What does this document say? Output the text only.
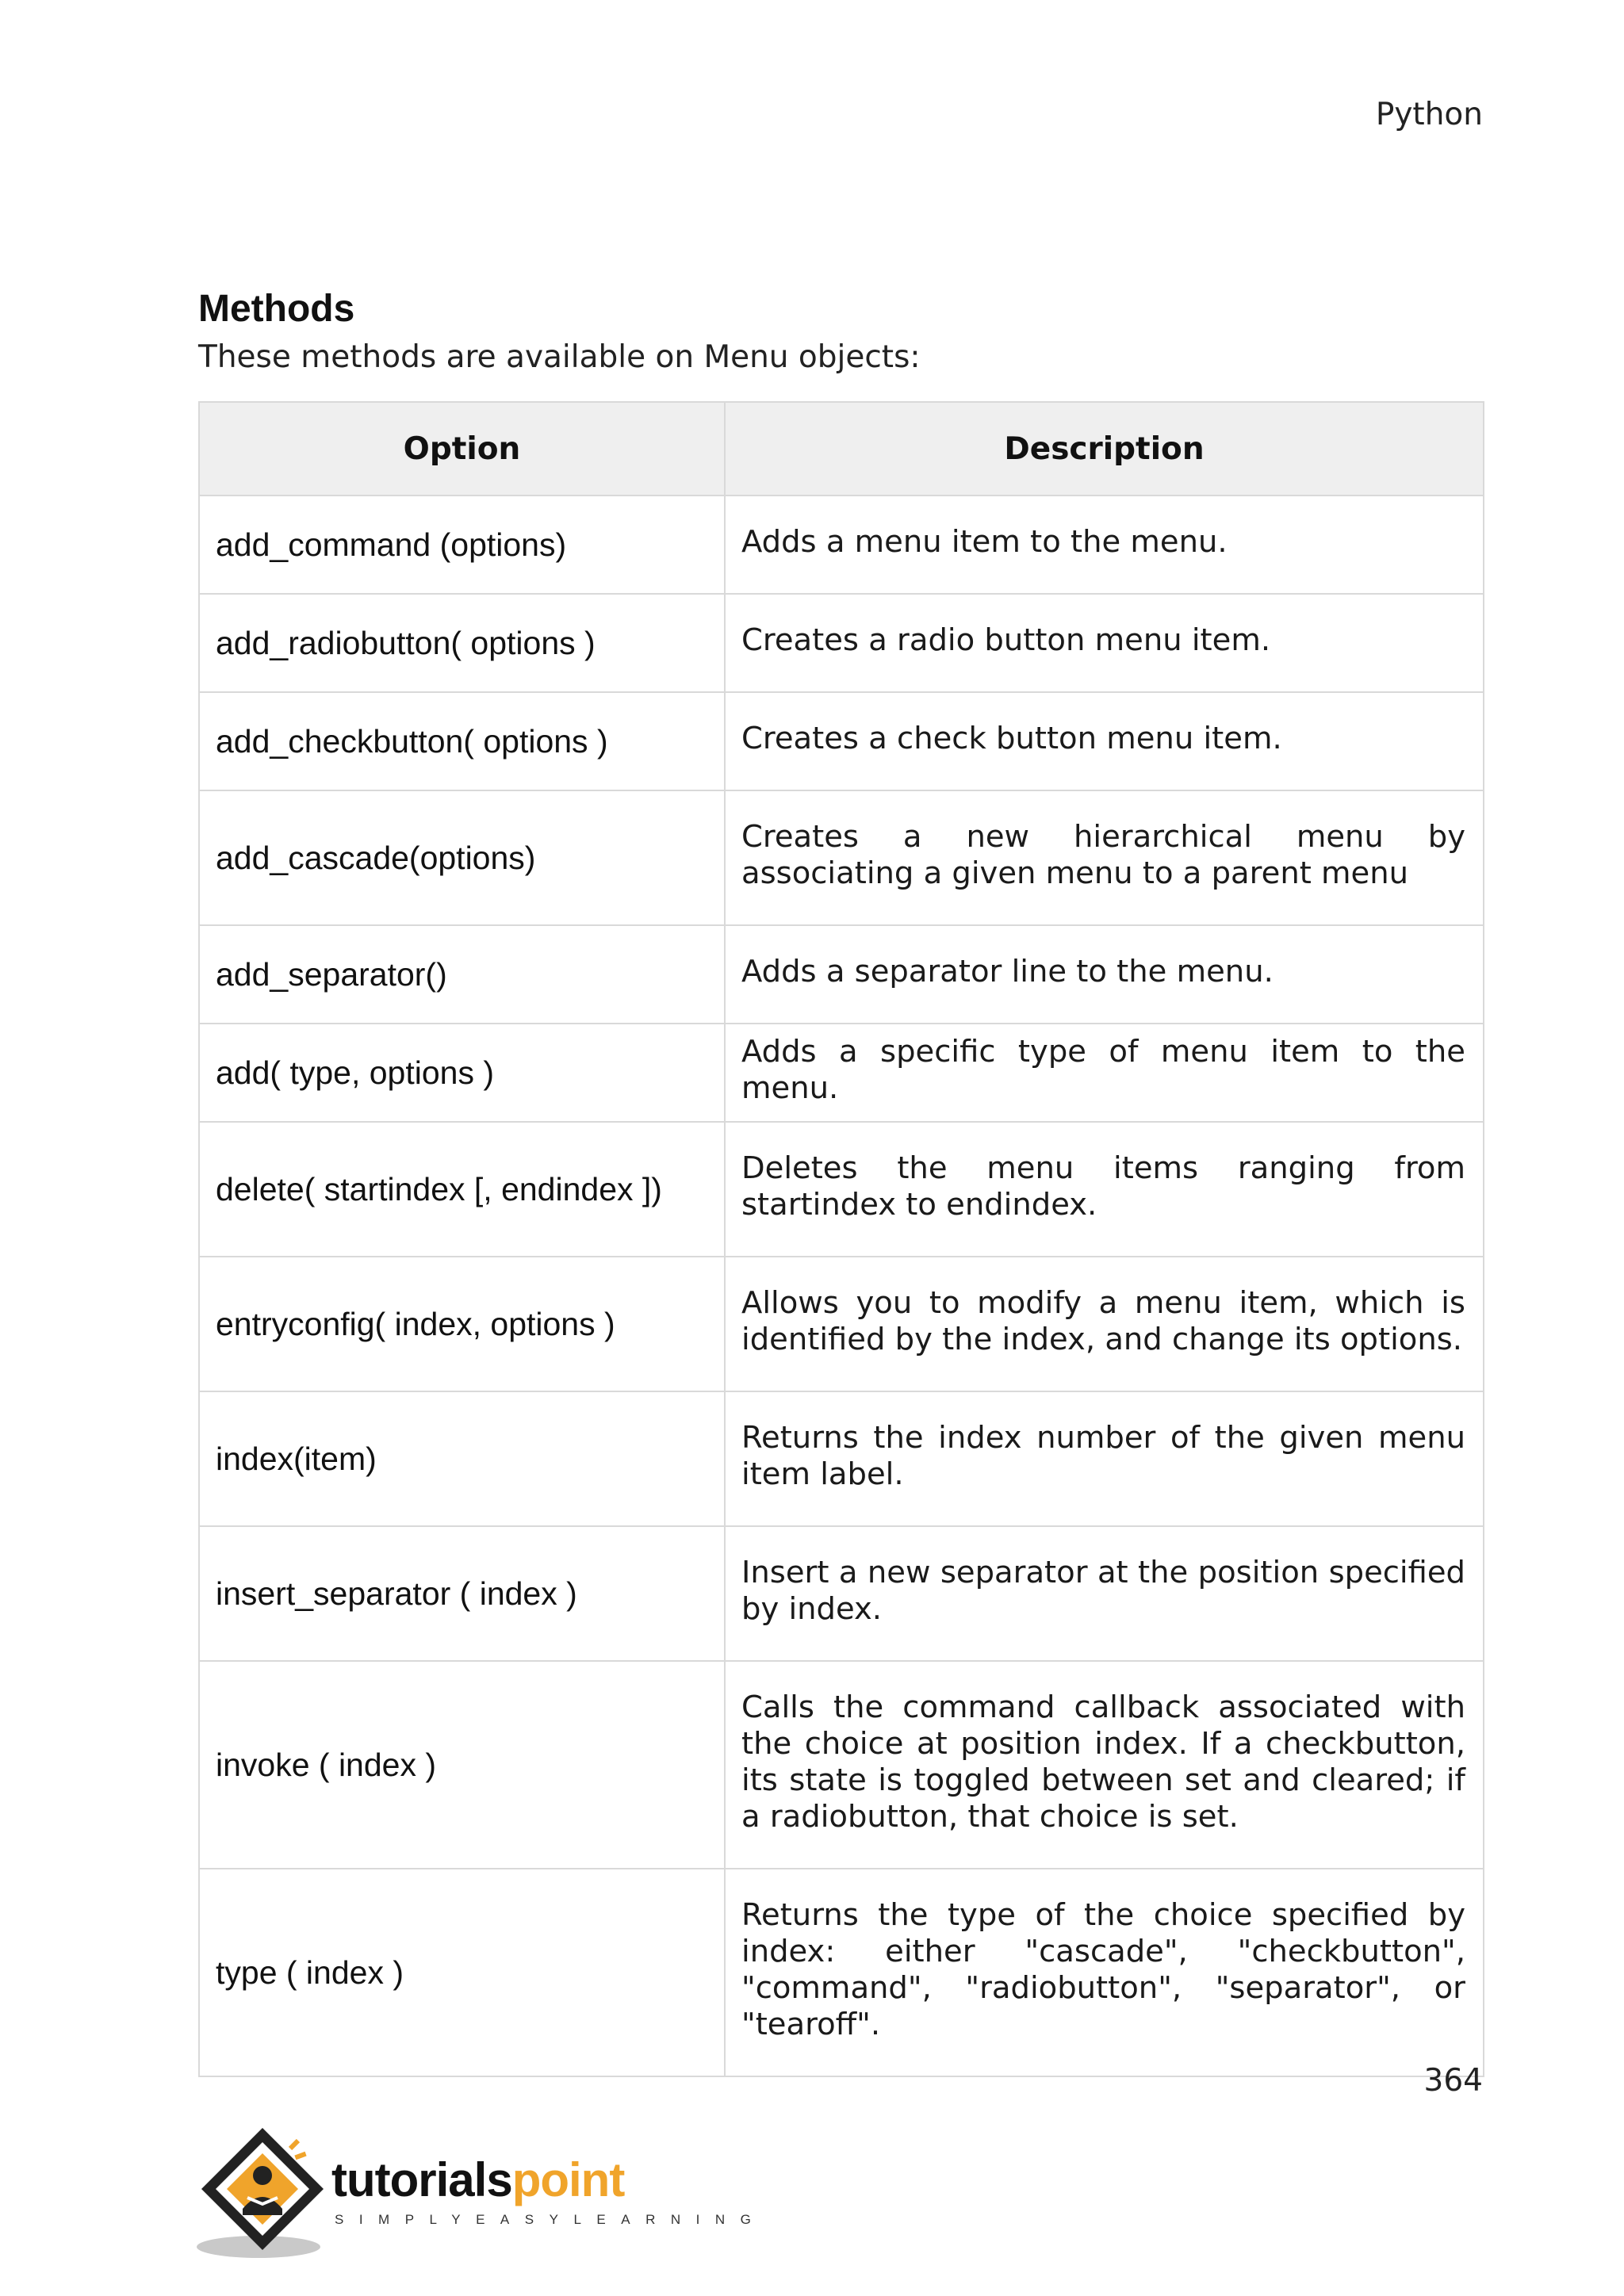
Python
Methods
These methods are available on Menu objects:
Option	Description
add_command (options)	Adds a menu item to the menu.
add_radiobutton( options )	Creates a radio button menu item.
add_checkbutton( options )	Creates a check button menu item.
add_cascade(options)	Creates a new hierarchical menu by associating a given menu to a parent menu
add_separator()	Adds a separator line to the menu.
add( type, options )	Adds a specific type of menu item to the menu.
delete( startindex [, endindex ])	Deletes the menu items ranging from startindex to endindex.
entryconfig( index, options )	Allows you to modify a menu item, which is identified by the index, and change its options.
index(item)	Returns the index number of the given menu item label.
insert_separator ( index )	Insert a new separator at the position specified by index.
invoke ( index )	Calls the command callback associated with the choice at position index. If a checkbutton, its state is toggled between set and cleared; if a radiobutton, that choice is set.
type ( index )	Returns the type of the choice specified by index: either "cascade", "checkbutton", "command", "radiobutton", "separator", or "tearoff".
364
tutorialspoint
SIMPLYEASYLEARNING
